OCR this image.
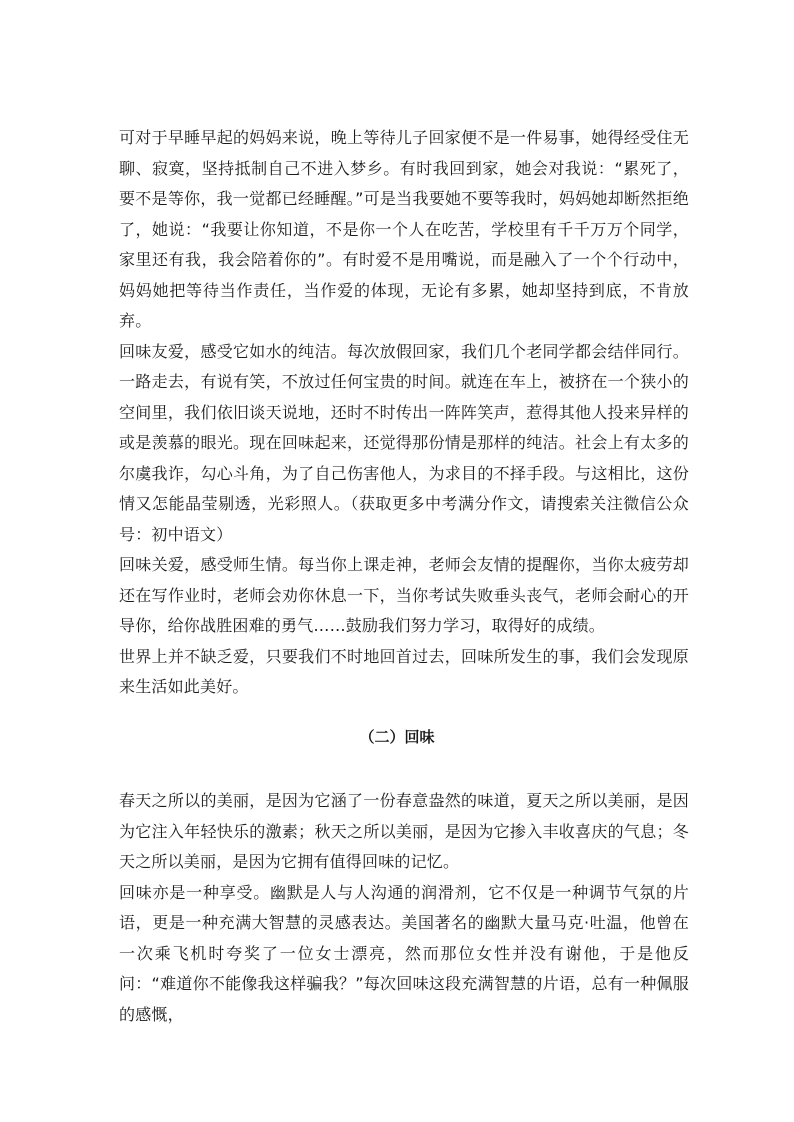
可对于早睡早起的妈妈来说，晚上等待儿子回家便不是一件易事，她得经受住无聊、寂寞，坚持抵制自己不进入梦乡。有时我回到家，她会对我说：“累死了，要不是等你，我一觉都已经睡醒。”可是当我要她不要等我时，妈妈她却断然拒绝了，她说：“我要让你知道，不是你一个人在吃苦，学校里有千千万万个同学，家里还有我，我会陪着你的”。有时爱不是用嘴说，而是融入了一个个行动中，妈妈她把等待当作责任，当作爱的体现，无论有多累，她却坚持到底，不肯放弃。

回味友爱，感受它如水的纯洁。每次放假回家，我们几个老同学都会结伴同行。一路走去，有说有笑，不放过任何宝贵的时间。就连在车上，被挤在一个狭小的空间里，我们依旧谈天说地，还时不时传出一阵阵笑声，惹得其他人投来异样的或是羡慕的眼光。现在回味起来，还觉得那份情是那样的纯洁。社会上有太多的尔虞我诈，勾心斗角，为了自己伤害他人，为求目的不择手段。与这相比，这份情又怎能晶莹剔透，光彩照人。（获取更多中考满分作文，请搜索关注微信公众号：初中语文）

回味关爱，感受师生情。每当你上课走神，老师会友情的提醒你，当你太疲劳却还在写作业时，老师会劝你休息一下，当你考试失败垂头丧气，老师会耐心的开导你，给你战胜困难的勇气……鼓励我们努力学习，取得好的成绩。

世界上并不缺乏爱，只要我们不时地回首过去，回味所发生的事，我们会发现原来生活如此美好。

（二）回味

春天之所以的美丽，是因为它涵了一份春意盎然的味道，夏天之所以美丽，是因为它注入年轻快乐的激素；秋天之所以美丽，是因为它掺入丰收喜庆的气息；冬天之所以美丽，是因为它拥有值得回味的记忆。

回味亦是一种享受。幽默是人与人沟通的润滑剂，它不仅是一种调节气氛的片语，更是一种充满大智慧的灵感表达。美国著名的幽默大量马克·吐温，他曾在一次乘飞机时夸奖了一位女士漂亮，然而那位女性并没有谢他，于是他反问：“难道你不能像我这样骗我？”每次回味这段充满智慧的片语，总有一种佩服的感慨，
